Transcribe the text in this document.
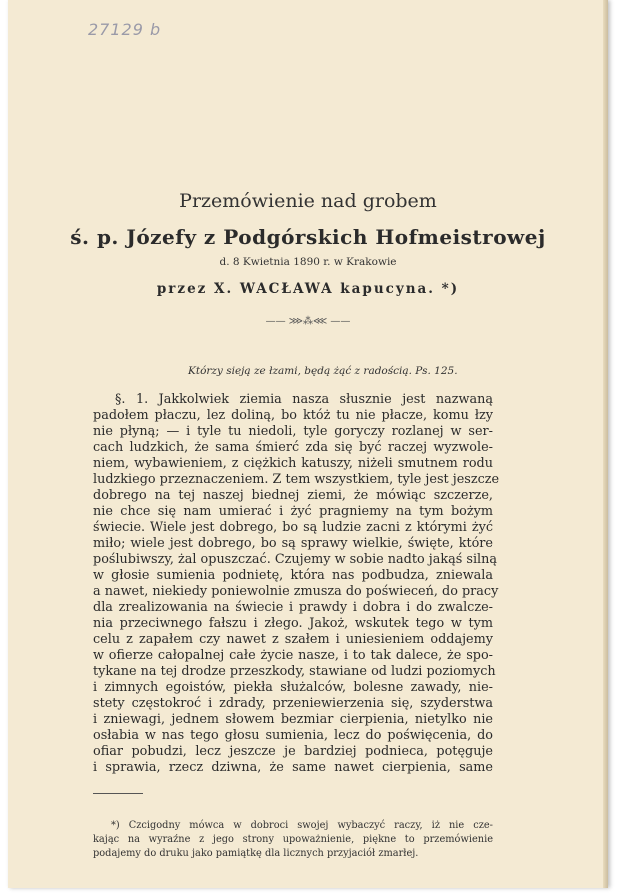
27129 b
Przemówienie nad grobem
ś. p. Józefy z Podgórskich Hofmeistrowej
d. 8 Kwietnia 1890 r. w Krakowie
przez X. WACŁAWA kapucyna. *)
—— ⋙⁂⋘ ——
Którzy sieją ze łzami, będą żąć z radością. Ps. 125.
§. 1. Jakkolwiek ziemia nasza słusznie jest nazwaną
padołem płaczu, lez doliną, bo któż tu nie płacze, komu łzy
nie płyną; — i tyle tu niedoli, tyle goryczy rozlanej w ser-
cach ludzkich, że sama śmierć zda się być raczej wyzwole-
niem, wybawieniem, z ciężkich katuszy, niżeli smutnem rodu
ludzkiego przeznaczeniem. Z tem wszystkiem, tyle jest jeszcze
dobrego na tej naszej biednej ziemi, że mówiąc szczerze,
nie chce się nam umierać i żyć pragniemy na tym bożym
świecie. Wiele jest dobrego, bo są ludzie zacni z którymi żyć
miło; wiele jest dobrego, bo są sprawy wielkie, święte, które
poślubiwszy, żal opuszczać. Czujemy w sobie nadto jakąś silną
w głosie sumienia podnietę, która nas podbudza, zniewala
a nawet, niekiedy poniewolnie zmusza do poświeceń, do pracy
dla zrealizowania na świecie i prawdy i dobra i do zwalcze-
nia przeciwnego fałszu i złego. Jakoż, wskutek tego w tym
celu z zapałem czy nawet z szałem i uniesieniem oddajemy
w ofierze całopalnej całe życie nasze, i to tak dalece, że spo-
tykane na tej drodze przeszkody, stawiane od ludzi poziomych
i zimnych egoistów, piekła służalców, bolesne zawady, nie-
stety częstokroć i zdrady, przeniewierzenia się, szyderstwa
i zniewagi, jednem słowem bezmiar cierpienia, nietylko nie
osłabia w nas tego głosu sumienia, lecz do poświęcenia, do
ofiar pobudzi, lecz jeszcze je bardziej podnieca, potęguje
i sprawia, rzecz dziwna, że same nawet cierpienia, same
*) Czcigodny mówca w dobroci swojej wybaczyć raczy, iż nie cze-
kając na wyraźne z jego strony upoważnienie, piękne to przemówienie
podajemy do druku jako pamiątkę dla licznych przyjaciół zmarłej.
